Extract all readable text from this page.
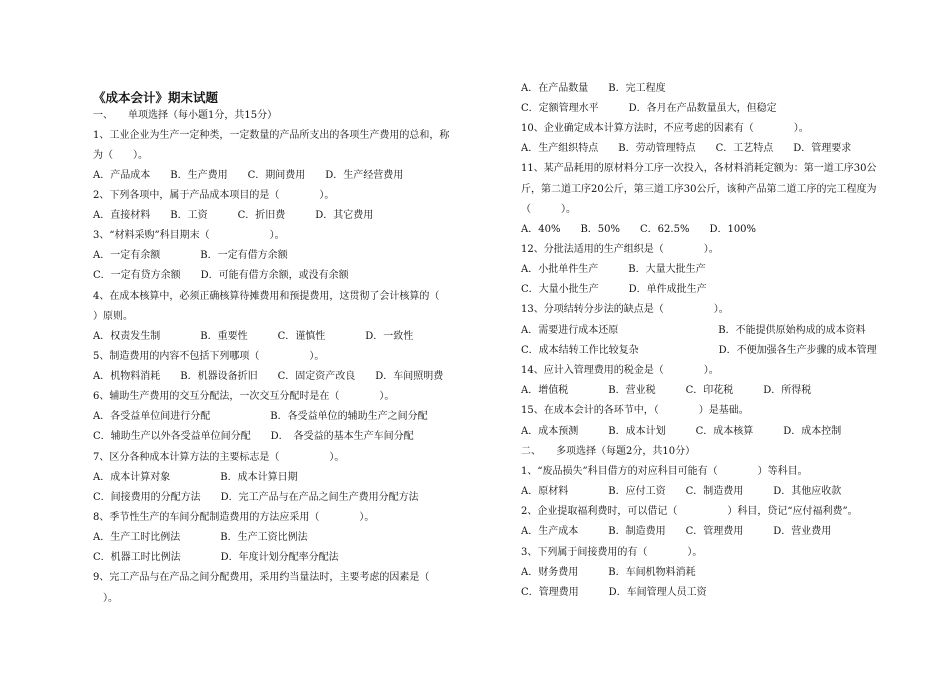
《成本会计》期末试题
一、　　单项选择（每小题1分，共15分）
1、工业企业为生产一定种类，一定数量的产品所支出的各项生产费用的总和，称
为（　　）。
A．产品成本　　B．生产费用　　C．期间费用　　D．生产经营费用
2、下列各项中，属于产品成本项目的是（　　　　）。
A．直接材料　　B．工资　　　C．折旧费　　　D．其它费用
3、“材料采购”科目期末（　　　　　　）。
A．一定有余额　　　　B．一定有借方余额
C．一定有贷方余额　　D．可能有借方余额，或没有余额
4、在成本核算中，必须正确核算待摊费用和预提费用，这贯彻了会计核算的（
）原则。
A．权责发生制　　　　B．重要性　　　C．谨慎性　　　　D．一致性
5、制造费用的内容不包括下列哪项（　　　　　）。
A．机物料消耗　　B．机器设备折旧　　C．固定资产改良　　D．车间照明费
6、辅助生产费用的交互分配法，一次交互分配时是在（　　　　）。
A．各受益单位间进行分配　　　　　　B．各受益单位的辅助生产之间分配
C．辅助生产以外各受益单位间分配　　D．　各受益的基本生产车间分配
7、区分各种成本计算方法的主要标志是（　　　　　）。
A．成本计算对象　　　　　B．成本计算日期
C．间接费用的分配方法　　D．完工产品与在产品之间生产费用分配方法
8、季节性生产的车间分配制造费用的方法应采用（　　　　）。
A．生产工时比例法　　　　B．生产工资比例法
C．机器工时比例法　　　　D．年度计划分配率分配法
9、完工产品与在产品之间分配费用，采用约当量法时，主要考虑的因素是（
　）。
A．在产品数量　　B．完工程度
C．定额管理水平　　　D．各月在产品数量虽大，但稳定
10、企业确定成本计算方法时，不应考虑的因素有（　　　　）。
A．生产组织特点　　B．劳动管理特点　　C．工艺特点　　D．管理要求
11、某产品耗用的原材料分工序一次投入，各材料消耗定额为：第一道工序30公
斤，第二道工序20公斤，第三道工序30公斤，该种产品第二道工序的完工程度为
（　　　）。
A．40%　　B．50%　　C．62.5%　　D．100%
12、分批法适用的生产组织是（　　　　）。
A．小批单件生产　　　B．大量大批生产
C．大量小批生产　　　D．单件成批生产
13、分项结转分步法的缺点是（　　　　　）。
A．需要进行成本还原　　　　　　　　　　B．不能提供原始构成的成本资料
C．成本结转工作比较复杂　　　　　　　　D．不便加强各生产步骤的成本管理
14、应计入管理费用的税金是（　　　　）。
A．增值税　　　　B．营业税　　　C．印花税　　　D．所得税
15、在成本会计的各环节中，（　　　　）是基础。
A．成本预测　　　B．成本计划　　　C．成本核算　　　D．成本控制
二、　　多项选择（每题2分，共10分）
1、“废品损失”科目借方的对应科目可能有（　　　　）等科目。
A．原材料　　　　B．应付工资　　C．制造费用　　　D．其他应收款
2、企业提取福利费时，可以借记（　　　　　）科目，贷记“应付福利费”。
A．生产成本　　　B．制造费用　　C．管理费用　　　D．营业费用
3、下列属于间接费用的有（　　　　）。
A．财务费用　　　B．车间机物料消耗
C．管理费用　　　D．车间管理人员工资
